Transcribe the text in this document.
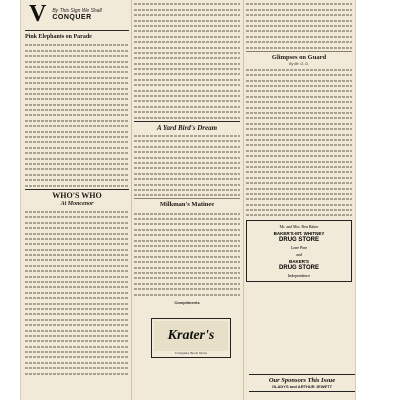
V By This Sign We Shall
CONQUER
Pink Elephants on Parade
WHO'S WHO
At Moncenor
A Yard Bird's Dream
Milkman's Matinee
Compliments
Glimpses on Guard
By Mr. G. D.
Mr. and Mrs. Ben Baker
BAKER'S-MT. WHITNEY
DRUG STORE
Lone Pine
and
BAKER'S
DRUG STORE
Independence
Krater's
Complete Book Store
Our Sponsors This Issue
GLADYS and ARTHUR JEWETT
